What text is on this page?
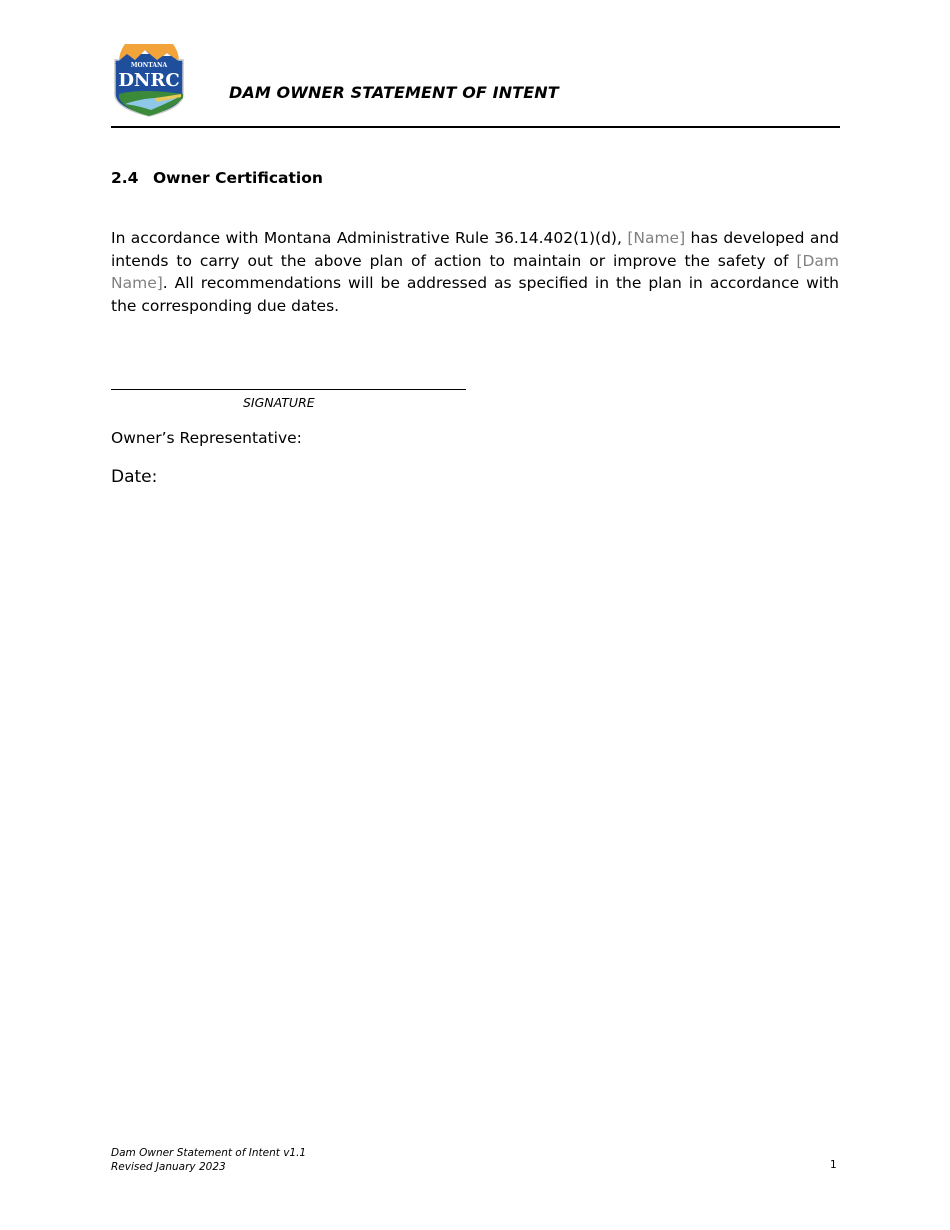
MONTANA
DNRC
DAM OWNER STATEMENT OF INTENT
2.4 Owner Certification
In accordance with Montana Administrative Rule 36.14.402(1)(d), [Name] has developed and intends to carry out the above plan of action to maintain or improve the safety of [Dam Name]. All recommendations will be addressed as specified in the plan in accordance with the corresponding due dates.
SIGNATURE
Owner’s Representative:
Date:
Dam Owner Statement of Intent v1.1
Revised January 2023	1
